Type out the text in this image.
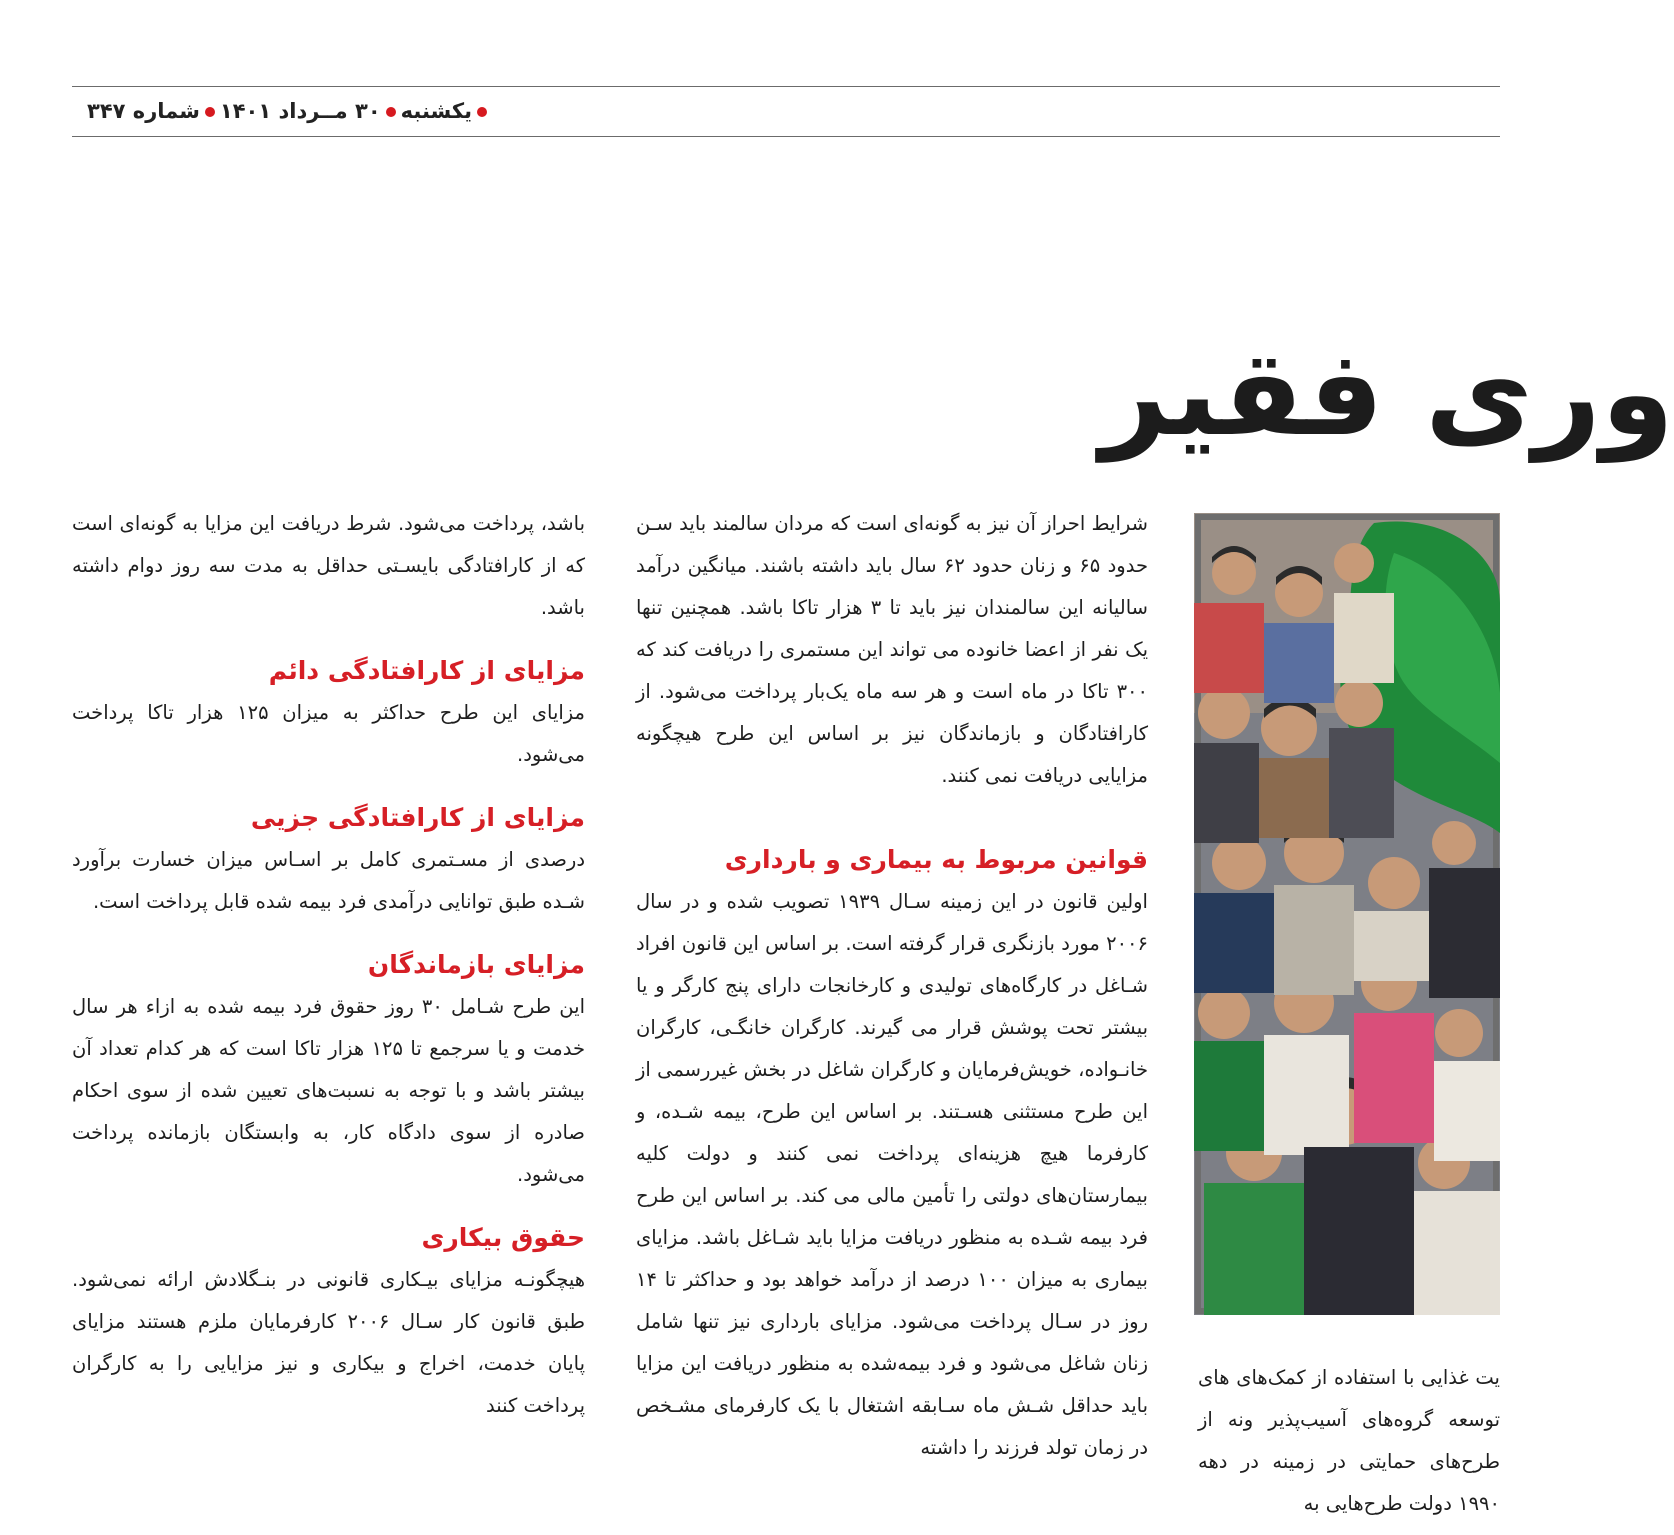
یکشنبه۳۰ مــرداد ۱۴۰۱شماره ۳۴۷
وری فقیر

شرایط احراز آن نیز به گونه‌ای است که مردان سالمند باید سـن حدود ۶۵ و زنان حدود ۶۲ سال باید داشته باشند. میانگین درآمد سالیانه این سالمندان نیز باید تا ۳ هزار تاکا باشد. همچنین تنها یک نفر از اعضا خانوده می تواند این مستمری را دریافت کند که ۳۰۰ تاکا در ماه است و هر سه ماه یک‌بار پرداخت می‌شود. از کارافتادگان و بازماندگان نیز بر اساس این طرح هیچگونه مزایایی دریافت نمی کنند.

قوانین مربوط به بیماری و بارداری

اولین قانون در این زمینه سـال ۱۹۳۹ تصویب شده و در سال ۲۰۰۶ مورد بازنگری قرار گرفته است. بر اساس این قانون افراد شـاغل در کارگاه‌های تولیدی و کارخانجات دارای پنج کارگر و یا بیشتر تحت پوشش قرار می گیرند. کارگران خانگـی، کارگران خانـواده، خویش‌فرمایان و کارگران شاغل در بخش غیررسمی از این طرح مستثنی هسـتند. بر اساس این طرح، بیمه شـده، و کارفرما هیچ هزینه‌ای پرداخت نمی کنند و دولت کلیه بیمارستان‌های دولتی را تأمین مالی می کند. بر اساس این طرح فرد بیمه شـده به منظور دریافت مزایا باید شـاغل باشد. مزایای بیماری به میزان ۱۰۰ درصد از درآمد خواهد بود و حداکثر تا ۱۴ روز در سـال پرداخت می‌شود. مزایای بارداری نیز تنها شامل زنان شاغل می‌شود و فرد بیمه‌شده به منظور دریافت این مزایا باید حداقل شـش ماه سـابقه اشتغال با یک کارفرمای مشـخص در زمان تولد فرزند را داشته

باشد، پرداخت می‌شود. شرط دریافت این مزایا به گونه‌ای است که از کارافتادگی بایسـتی حداقل به مدت سه روز دوام داشته باشد.

مزایای از کارافتادگی دائم

مزایای این طرح حداکثر به میزان ۱۲۵ هزار تاکا پرداخت می‌شود.

مزایای از کارافتادگی جزیی

درصدی از مسـتمری کامل بر اسـاس میزان خسارت برآورد شـده طبق توانایی درآمدی فرد بیمه شده قابل پرداخت است.

مزایای بازماندگان

این طرح شـامل ۳۰ روز حقوق فرد بیمه شده به ازاء هر سال خدمت و یا سرجمع تا ۱۲۵ هزار تاکا است که هر کدام تعداد آن بیشتر باشد و با توجه به نسبت‌های تعیین شده از سوی احکام صادره از سوی دادگاه کار، به وابستگان بازمانده پرداخت می‌شود.

حقوق بیکاری

هیچگونـه مزایای بیـکاری قانونی در بنـگلادش ارائه نمی‌شود. طبق قانون کار سـال ۲۰۰۶ کارفرمایان ملزم هستند مزایای پایان خدمت، اخراج و بیکاری و نیز مزایایی را به کارگران پرداخت کنند

یت غذایی با استفاده از کمک‌های های توسعه گروه‌های آسیب‌پذیر ونه از طرح‌های حمایتی در زمینه در دهه ۱۹۹۰ دولت طرح‌هایی به
